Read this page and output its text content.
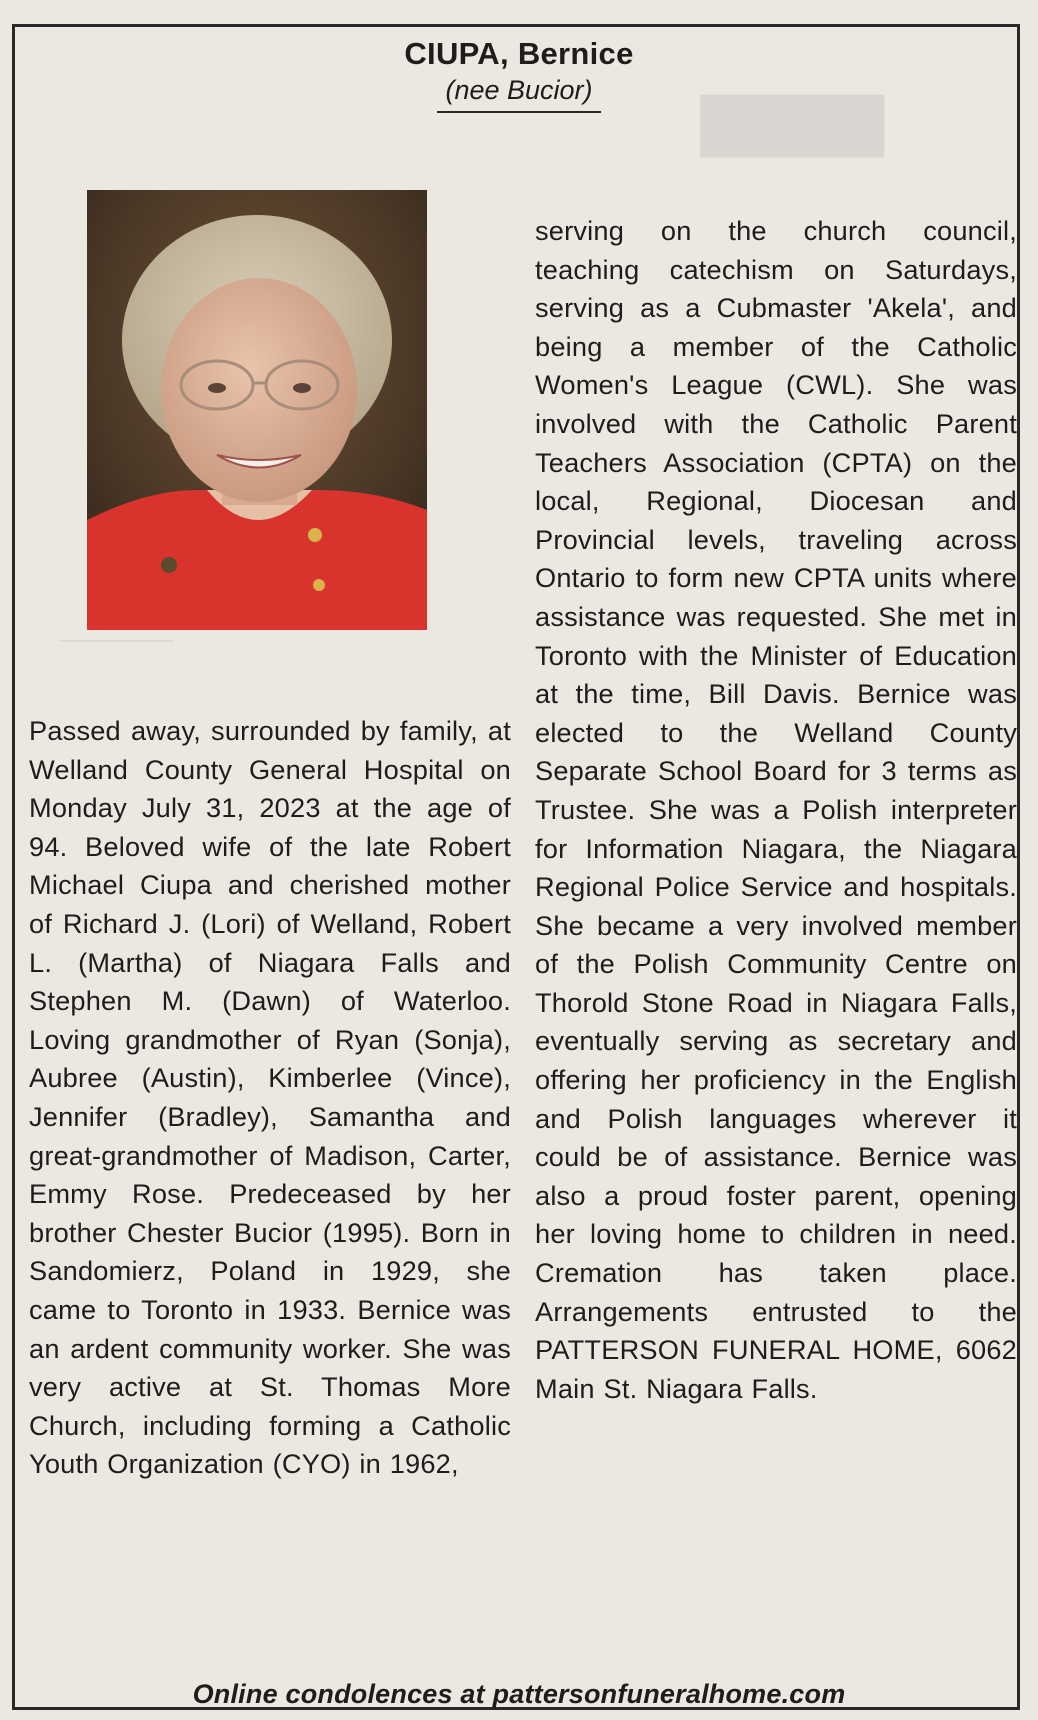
█████
────────
CIUPA, Bernice
(nee Bucior)
Passed away, surrounded by family, at Welland County General Hospital on Monday July 31, 2023 at the age of 94. Beloved wife of the late Robert Michael Ciupa and cherished mother of Richard J. (Lori) of Welland, Robert L. (Martha) of Niagara Falls and Stephen M. (Dawn) of Waterloo. Loving grandmother of Ryan (Sonja), Aubree (Austin), Kimberlee (Vince), Jennifer (Bradley), Samantha and great-grandmother of Madison, Carter, Emmy Rose. Predeceased by her brother Chester Bucior (1995). Born in Sandomierz, Poland in 1929, she came to Toronto in 1933. Bernice was an ardent community worker. She was very active at St. Thomas More Church, including forming a Catholic Youth Organization (CYO) in 1962,
serving on the church council, teaching catechism on Saturdays, serving as a Cubmaster 'Akela', and being a member of the Catholic Women's League (CWL). She was involved with the Catholic Parent Teachers Association (CPTA) on the local, Regional, Diocesan and Provincial levels, traveling across Ontario to form new CPTA units where assistance was requested. She met in Toronto with the Minister of Education at the time, Bill Davis. Bernice was elected to the Welland County Separate School Board for 3 terms as Trustee. She was a Polish interpreter for Information Niagara, the Niagara Regional Police Service and hospitals. She became a very involved member of the Polish Community Centre on Thorold Stone Road in Niagara Falls, eventually serving as secretary and offering her proficiency in the English and Polish languages wherever it could be of assistance. Bernice was also a proud foster parent, opening her loving home to children in need. Cremation has taken place. Arrangements entrusted to the PATTERSON FUNERAL HOME, 6062 Main St. Niagara Falls.
Online condolences at pattersonfuneralhome.com
